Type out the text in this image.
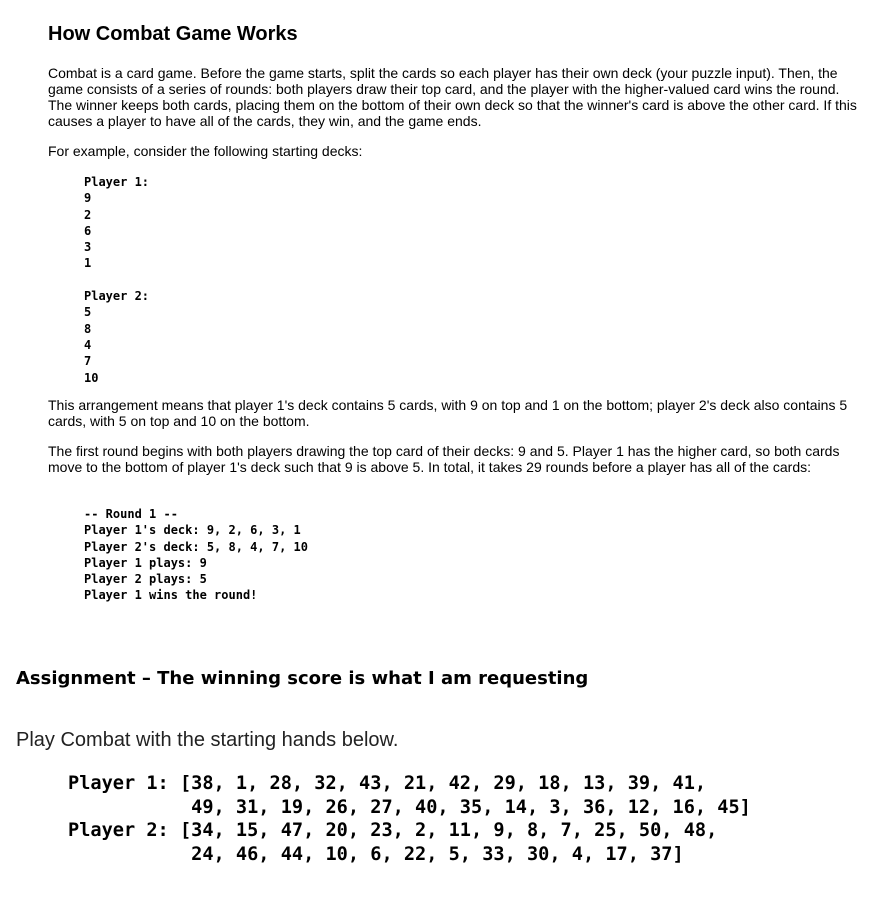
How Combat Game Works

Combat is a card game. Before the game starts, split the cards so each player has their own deck (your puzzle input). Then, the game consists of a series of rounds: both players draw their top card, and the player with the higher-valued card wins the round. The winner keeps both cards, placing them on the bottom of their own deck so that the winner's card is above the other card. If this causes a player to have all of the cards, they win, and the game ends.

For example, consider the following starting decks:

Player 1:
9
2
6
3
1

Player 2:
5
8
4
7
10

This arrangement means that player 1's deck contains 5 cards, with 9 on top and 1 on the bottom; player 2's deck also contains 5 cards, with 5 on top and 10 on the bottom.

The first round begins with both players drawing the top card of their decks: 9 and 5. Player 1 has the higher card, so both cards move to the bottom of player 1's deck such that 9 is above 5. In total, it takes 29 rounds before a player has all of the cards:

-- Round 1 --
Player 1's deck: 9, 2, 6, 3, 1
Player 2's deck: 5, 8, 4, 7, 10
Player 1 plays: 9
Player 2 plays: 5
Player 1 wins the round!
Assignment – The winning score is what I am requesting

Play Combat with the starting hands below.

Player 1: [38, 1, 28, 32, 43, 21, 42, 29, 18, 13, 39, 41,
49, 31, 19, 26, 27, 40, 35, 14, 3, 36, 12, 16, 45]
Player 2: [34, 15, 47, 20, 23, 2, 11, 9, 8, 7, 25, 50, 48,
24, 46, 44, 10, 6, 22, 5, 33, 30, 4, 17, 37]
